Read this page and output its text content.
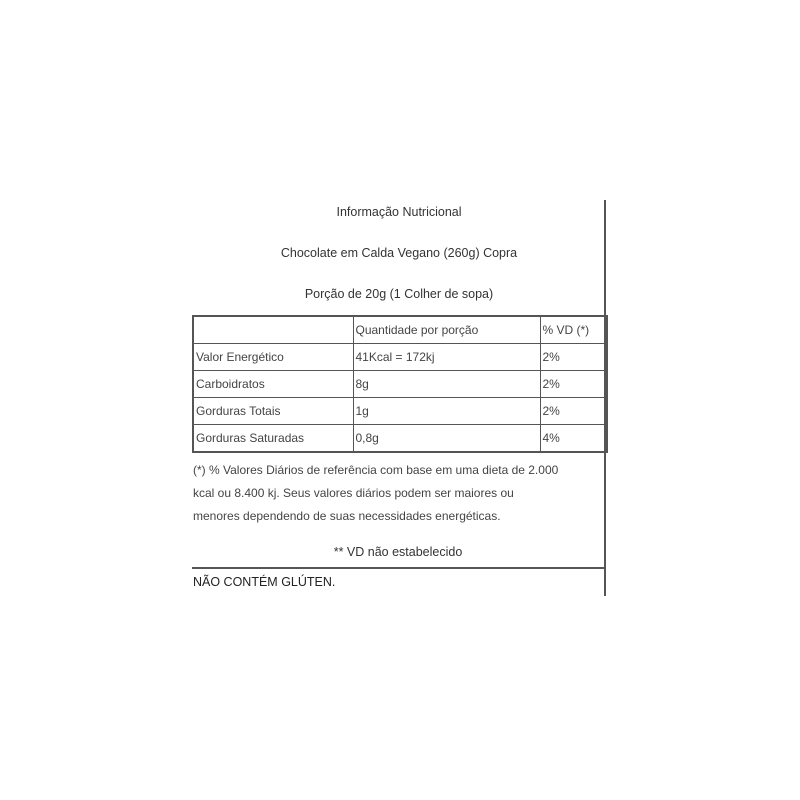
Informação Nutricional
Chocolate em Calda Vegano (260g) Copra
Porção de 20g (1 Colher de sopa)
	Quantidade por porção	% VD (*)
Valor Energético	41Kcal = 172kj	2%
Carboidratos	8g	2%
Gorduras Totais	1g	2%
Gorduras Saturadas	0,8g	4%
(*) % Valores Diários de referência com base em uma dieta de 2.000
kcal ou 8.400 kj. Seus valores diários podem ser maiores ou
menores dependendo de suas necessidades energéticas.
** VD não estabelecido
NÃO CONTÉM GLÚTEN.
